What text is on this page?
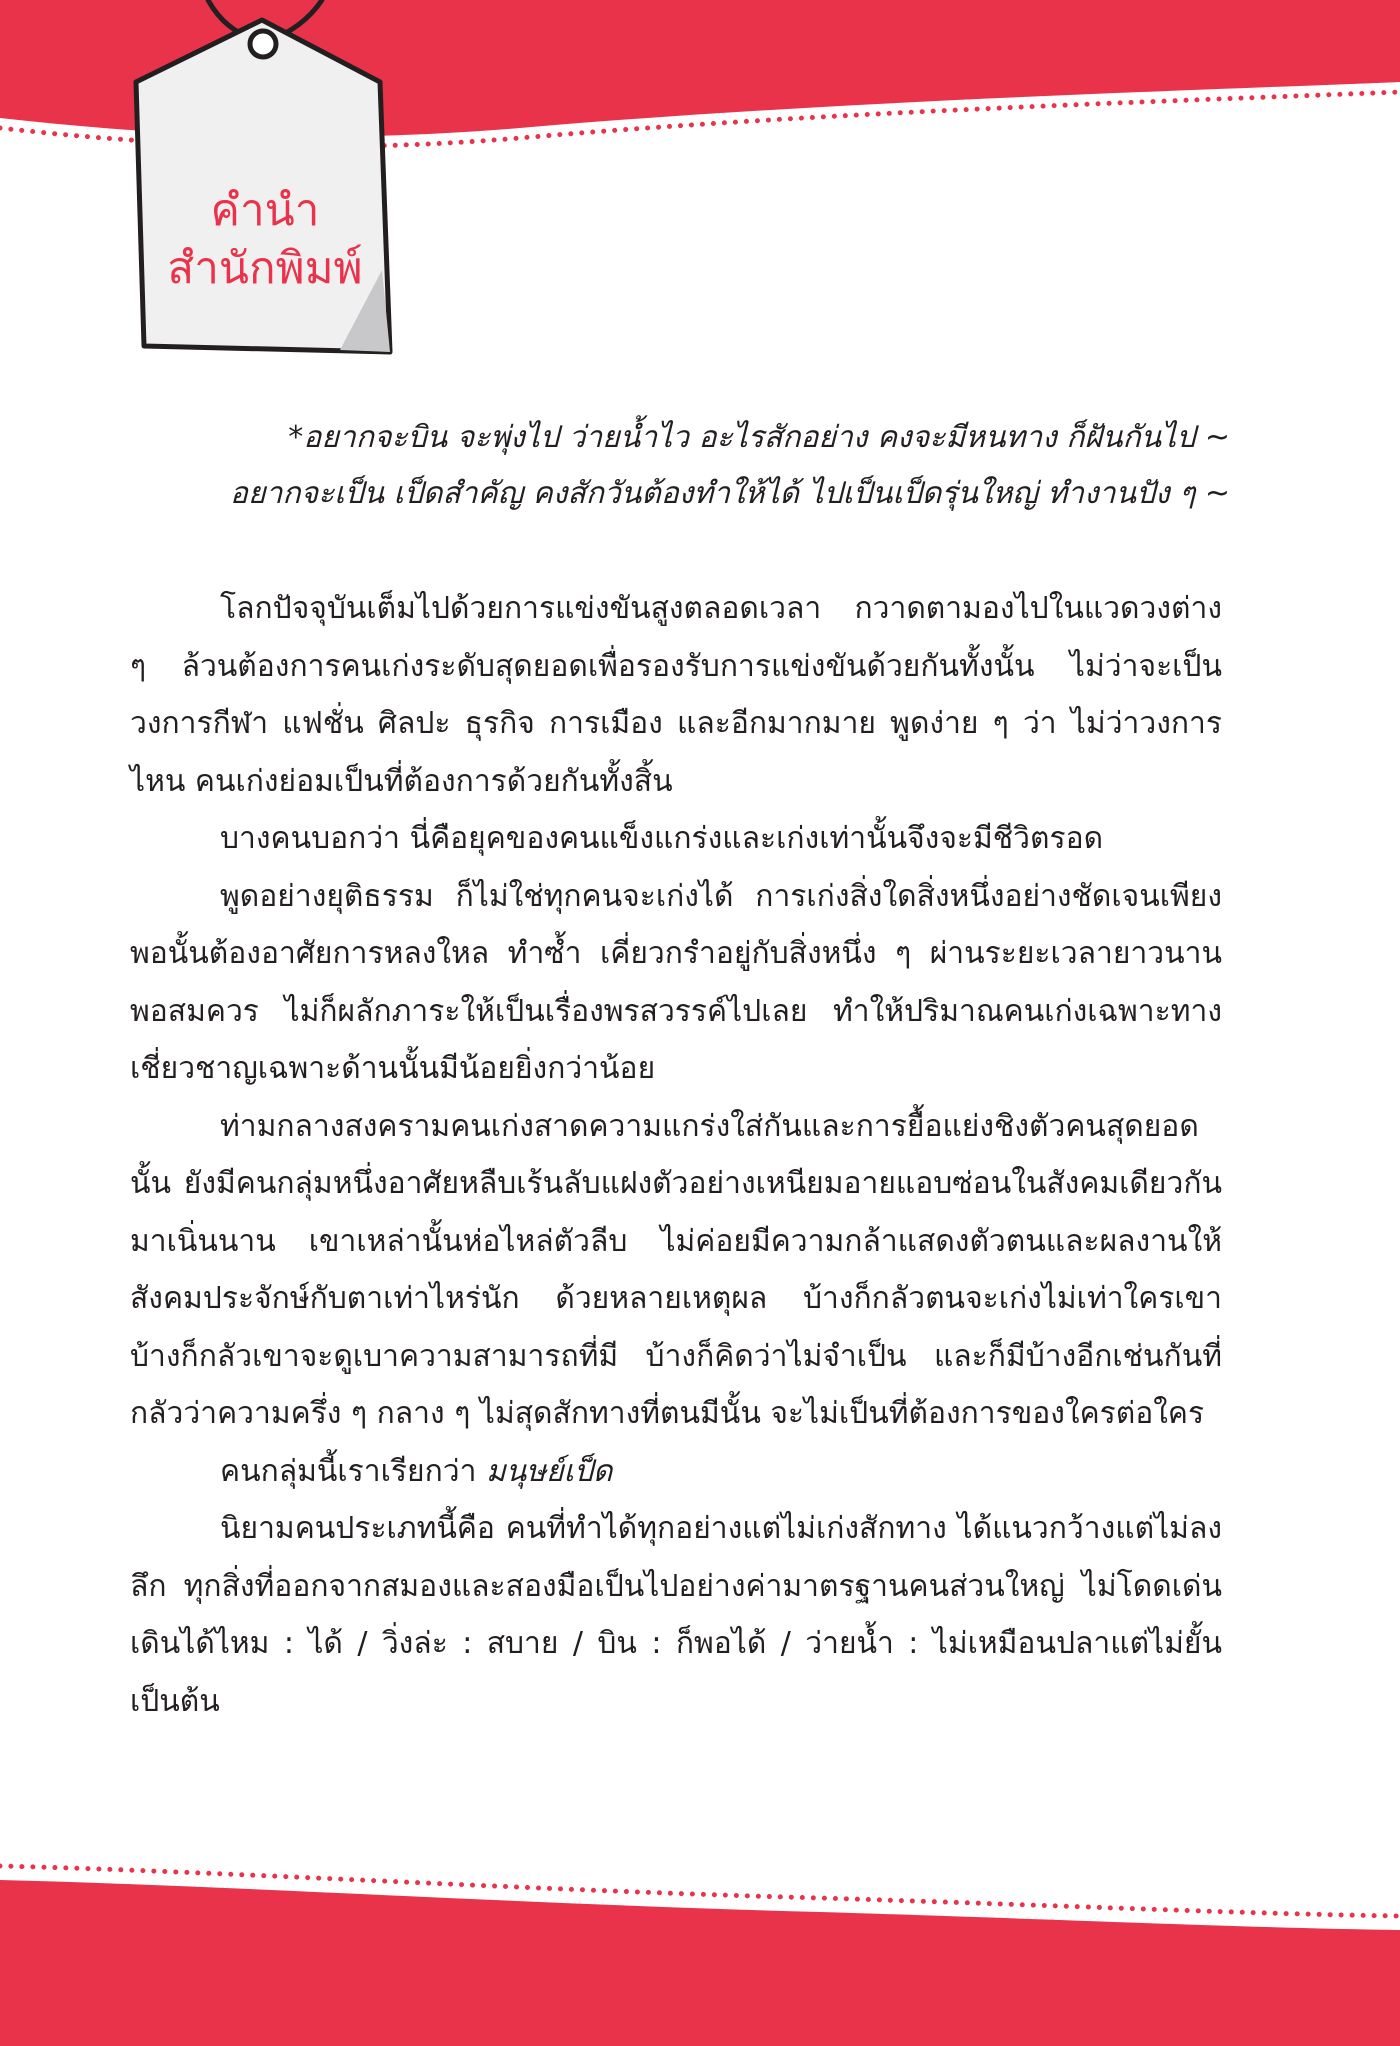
คำนำ
สำนักพิมพ์

*อยากจะบิน จะพุ่งไป ว่ายน้ำไว อะไรสักอย่าง คงจะมีหนทาง ก็ฝันกันไป ~

อยากจะเป็น เป็ดสำคัญ คงสักวันต้องทำให้ได้ ไปเป็นเป็ดรุ่นใหญ่ ทำงานปัง ๆ ~

โลกปัจจุบันเต็มไปด้วยการแข่งขันสูงตลอดเวลา กวาดตามองไปในแวดวงต่าง ๆ ล้วนต้องการคนเก่งระดับสุดยอดเพื่อรองรับการแข่งขันด้วยกันทั้งนั้น ไม่ว่าจะเป็นวงการกีฬา แฟชั่น ศิลปะ ธุรกิจ การเมือง และอีกมากมาย พูดง่าย ๆ ว่า ไม่ว่าวงการไหน คนเก่งย่อมเป็นที่ต้องการด้วยกันทั้งสิ้น

บางคนบอกว่า นี่คือยุคของคนแข็งแกร่งและเก่งเท่านั้นจึงจะมีชีวิตรอด

พูดอย่างยุติธรรม ก็ไม่ใช่ทุกคนจะเก่งได้ การเก่งสิ่งใดสิ่งหนึ่งอย่างชัดเจนเพียงพอนั้นต้องอาศัยการหลงใหล ทำซ้ำ เคี่ยวกรำอยู่กับสิ่งหนึ่ง ๆ ผ่านระยะเวลายาวนานพอสมควร ไม่ก็ผลักภาระให้เป็นเรื่องพรสวรรค์ไปเลย ทำให้ปริมาณคนเก่งเฉพาะทาง เชี่ยวชาญเฉพาะด้านนั้นมีน้อยยิ่งกว่าน้อย

ท่ามกลางสงครามคนเก่งสาดความแกร่งใส่กันและการยื้อแย่งชิงตัวคนสุดยอดนั้น ยังมีคนกลุ่มหนึ่งอาศัยหลืบเร้นลับแฝงตัวอย่างเหนียมอายแอบซ่อนในสังคมเดียวกันมาเนิ่นนาน เขาเหล่านั้นห่อไหล่ตัวลีบ ไม่ค่อยมีความกล้าแสดงตัวตนและผลงานให้สังคมประจักษ์กับตาเท่าไหร่นัก ด้วยหลายเหตุผล บ้างก็กลัวตนจะเก่งไม่เท่าใครเขา บ้างก็กลัวเขาจะดูเบาความสามารถที่มี บ้างก็คิดว่าไม่จำเป็น และก็มีบ้างอีกเช่นกันที่กลัวว่าความครึ่ง ๆ กลาง ๆ ไม่สุดสักทางที่ตนมีนั้น จะไม่เป็นที่ต้องการของใครต่อใคร

คนกลุ่มนี้เราเรียกว่า มนุษย์เป็ด

นิยามคนประเภทนี้คือ คนที่ทำได้ทุกอย่างแต่ไม่เก่งสักทาง ได้แนวกว้างแต่ไม่ลงลึก ทุกสิ่งที่ออกจากสมองและสองมือเป็นไปอย่างค่ามาตรฐานคนส่วนใหญ่ ไม่โดดเด่น เดินได้ไหม : ได้ / วิ่งล่ะ : สบาย / บิน : ก็พอได้ / ว่ายน้ำ : ไม่เหมือนปลาแต่ไม่ยั้น เป็นต้น
